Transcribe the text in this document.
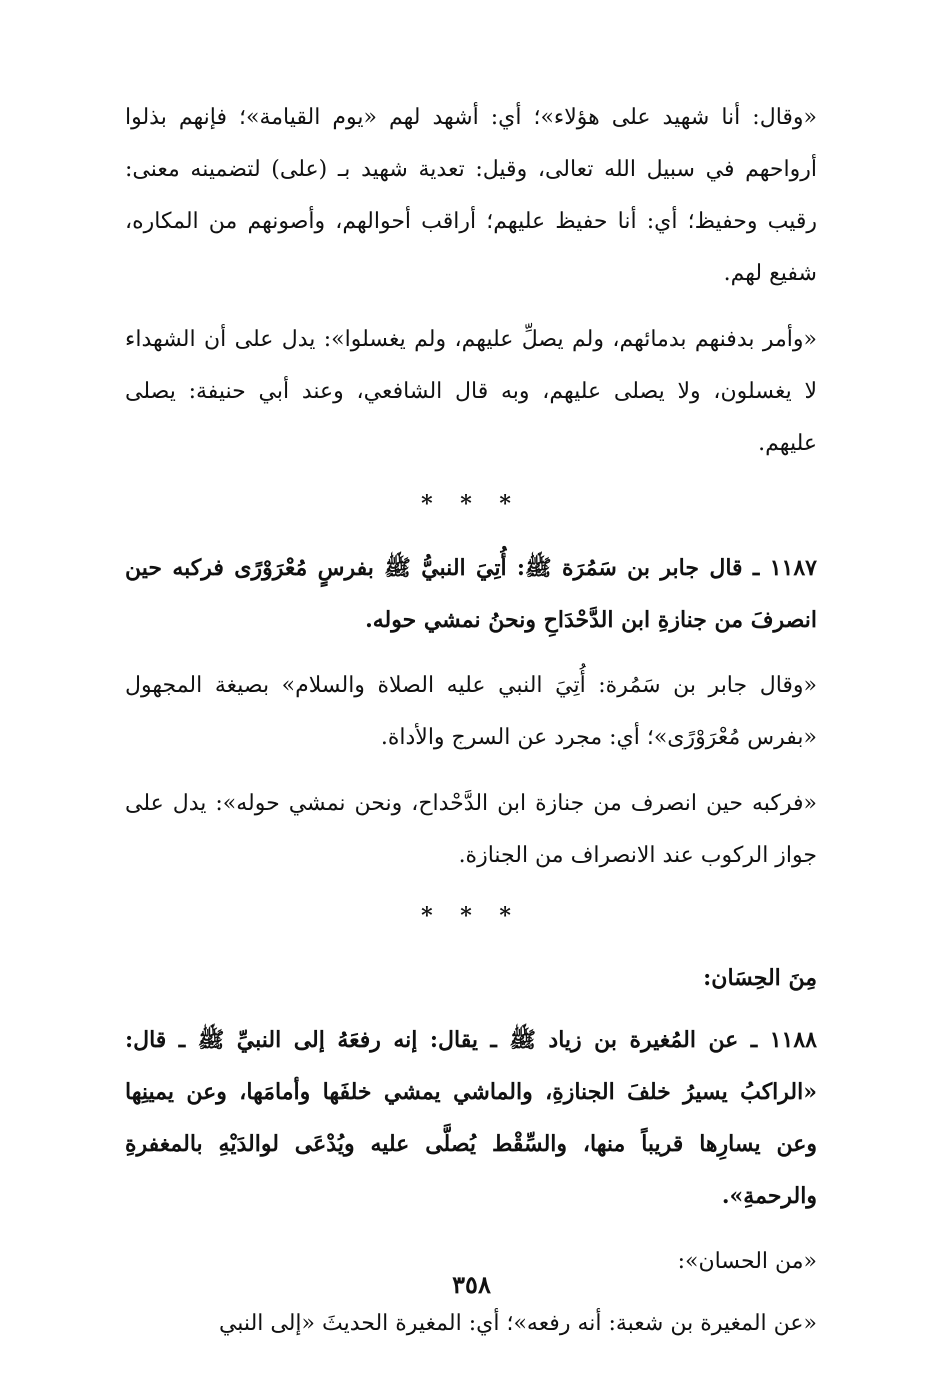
«وقال: أنا شهيد على هؤلاء»؛ أي: أشهد لهم «يوم القيامة»؛ فإنهم بذلوا أرواحهم في سبيل الله تعالى، وقيل: تعدية شهيد بـ (على) لتضمينه معنى: رقيب وحفيظ؛ أي: أنا حفيظ عليهم؛ أراقب أحوالهم، وأصونهم من المكاره، شفيع لهم.

«وأمر بدفنهم بدمائهم، ولم يصلِّ عليهم، ولم يغسلوا»: يدل على أن الشهداء لا يغسلون، ولا يصلى عليهم، وبه قال الشافعي، وعند أبي حنيفة: يصلى عليهم.

* * *

١١٨٧ ـ قال جابر بن سَمُرَة ﷺ: أُتِيَ النبيُّ ﷺ بفرسٍ مُعْرَوْرًى فركبه حين انصرفَ من جنازةِ ابن الدَّحْدَاحِ ونحنُ نمشي حوله.

«وقال جابر بن سَمُرة: أُتِيَ النبي عليه الصلاة والسلام» بصيغة المجهول «بفرس مُعْرَوْرًى»؛ أي: مجرد عن السرج والأداة.

«فركبه حين انصرف من جنازة ابن الدَّحْداح، ونحن نمشي حوله»: يدل على جواز الركوب عند الانصراف من الجنازة.

* * *
مِنَ الحِسَان:

١١٨٨ ـ عن المُغيرة بن زياد ﷺ ـ يقال: إنه رفعَهُ إلى النبيِّ ﷺ ـ قال: «الراكبُ يسيرُ خلفَ الجنازةِ، والماشي يمشي خلفَها وأمامَها، وعن يمينِها وعن يسارِها قريباً منها، والسِّقْط يُصلَّى عليه ويُدْعَى لوالدَيْهِ بالمغفرةِ والرحمةِ».

«من الحسان»:

«عن المغيرة بن شعبة: أنه رفعه»؛ أي: المغيرة الحديثَ «إلى النبي

٣٥٨
